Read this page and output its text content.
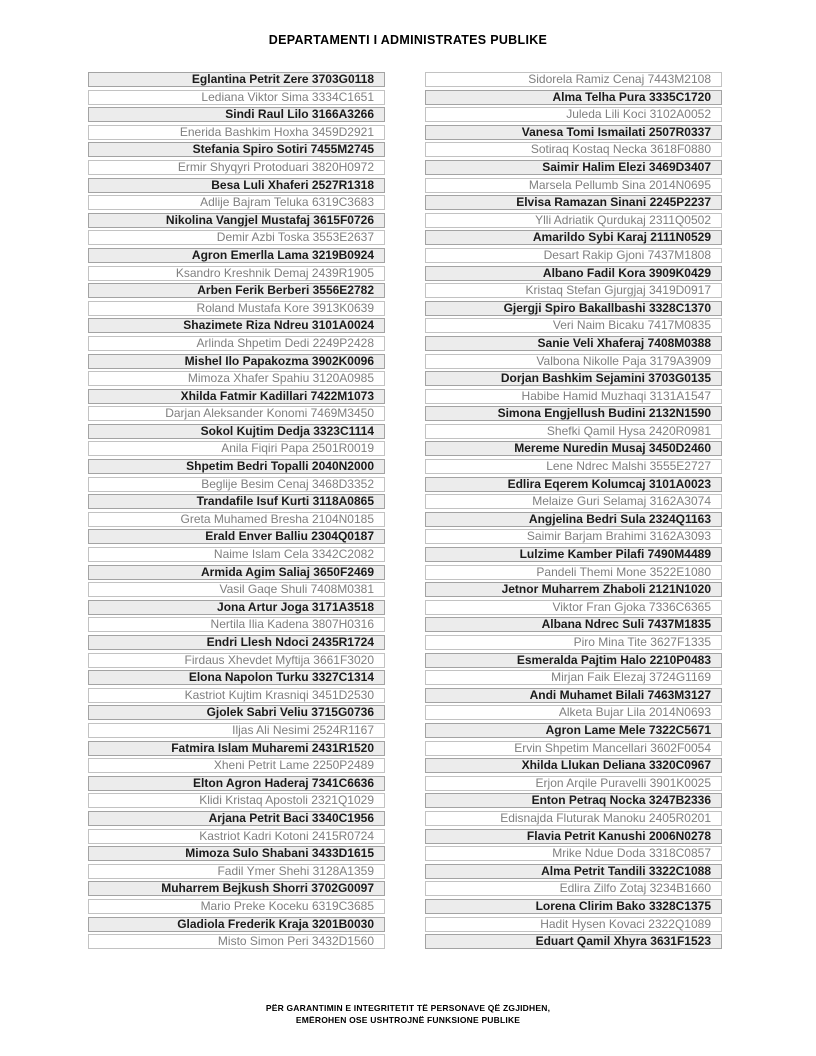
DEPARTAMENTI I ADMINISTRATES PUBLIKE
Eglantina Petrit Zere 3703G0118
Lediana Viktor Sima 3334C1651
Sindi Raul Lilo 3166A3266
Enerida Bashkim Hoxha 3459D2921
Stefania Spiro Sotiri 7455M2745
Ermir Shyqyri Protoduari 3820H0972
Besa Luli Xhaferi 2527R1318
Adlije Bajram Teluka 6319C3683
Nikolina Vangjel Mustafaj 3615F0726
Demir Azbi Toska 3553E2637
Agron Emerlla Lama 3219B0924
Ksandro Kreshnik Demaj 2439R1905
Arben Ferik Berberi 3556E2782
Roland Mustafa Kore 3913K0639
Shazimete Riza Ndreu 3101A0024
Arlinda Shpetim Dedi 2249P2428
Mishel Ilo Papakozma 3902K0096
Mimoza Xhafer Spahiu 3120A0985
Xhilda Fatmir Kadillari 7422M1073
Darjan Aleksander Konomi 7469M3450
Sokol Kujtim Dedja 3323C1114
Anila Fiqiri Papa 2501R0019
Shpetim Bedri Topalli 2040N2000
Beglije Besim Cenaj 3468D3352
Trandafile Isuf Kurti 3118A0865
Greta Muhamed Bresha 2104N0185
Erald Enver Balliu 2304Q0187
Naime Islam Cela 3342C2082
Armida Agim Saliaj 3650F2469
Vasil Gaqe Shuli 7408M0381
Jona Artur Joga 3171A3518
Nertila Ilia Kadena 3807H0316
Endri Llesh Ndoci 2435R1724
Firdaus Xhevdet Myftija 3661F3020
Elona Napolon Turku 3327C1314
Kastriot Kujtim Krasniqi 3451D2530
Gjolek Sabri Veliu 3715G0736
Iljas Ali Nesimi 2524R1167
Fatmira Islam Muharemi 2431R1520
Xheni Petrit Lame 2250P2489
Elton Agron Haderaj 7341C6636
Klidi Kristaq Apostoli 2321Q1029
Arjana Petrit Baci 3340C1956
Kastriot Kadri Kotoni 2415R0724
Mimoza Sulo Shabani 3433D1615
Fadil Ymer Shehi 3128A1359
Muharrem Bejkush Shorri 3702G0097
Mario Preke Koceku 6319C3685
Gladiola Frederik Kraja 3201B0030
Misto Simon Peri 3432D1560
Sidorela Ramiz Cenaj 7443M2108
Alma Telha Pura 3335C1720
Juleda Lili Koci 3102A0052
Vanesa Tomi Ismailati 2507R0337
Sotiraq Kostaq Necka 3618F0880
Saimir Halim Elezi 3469D3407
Marsela Pellumb Sina 2014N0695
Elvisa Ramazan Sinani 2245P2237
Ylli Adriatik Qurdukaj 2311Q0502
Amarildo Sybi Karaj 2111N0529
Desart Rakip Gjoni 7437M1808
Albano Fadil Kora 3909K0429
Kristaq Stefan Gjurgjaj 3419D0917
Gjergji Spiro Bakallbashi 3328C1370
Veri Naim Bicaku 7417M0835
Sanie Veli Xhaferaj 7408M0388
Valbona Nikolle Paja 3179A3909
Dorjan Bashkim Sejamini 3703G0135
Habibe Hamid Muzhaqi 3131A1547
Simona Engjellush Budini 2132N1590
Shefki Qamil Hysa 2420R0981
Mereme Nuredin Musaj 3450D2460
Lene Ndrec Malshi 3555E2727
Edlira Eqerem Kolumcaj 3101A0023
Melaize Guri Selamaj 3162A3074
Angjelina Bedri Sula 2324Q1163
Saimir Barjam Brahimi 3162A3093
Lulzime Kamber Pilafi 7490M4489
Pandeli Themi Mone 3522E1080
Jetnor Muharrem Zhaboli 2121N1020
Viktor Fran Gjoka 7336C6365
Albana Ndrec Suli 7437M1835
Piro Mina Tite 3627F1335
Esmeralda Pajtim Halo 2210P0483
Mirjan Faik Elezaj 3724G1169
Andi Muhamet Bilali 7463M3127
Alketa Bujar Lila 2014N0693
Agron Lame Mele 7322C5671
Ervin Shpetim Mancellari 3602F0054
Xhilda Llukan Deliana 3320C0967
Erjon Arqile Puravelli 3901K0025
Enton Petraq Nocka 3247B2336
Edisnajda Fluturak Manoku 2405R0201
Flavia Petrit Kanushi 2006N0278
Mrike Ndue Doda 3318C0857
Alma Petrit Tandili 3322C1088
Edlira Zilfo Zotaj 3234B1660
Lorena Clirim Bako 3328C1375
Hadit Hysen Kovaci 2322Q1089
Eduart Qamil Xhyra 3631F1523
PËR GARANTIMIN E INTEGRITETIT TË PERSONAVE QË ZGJIDHEN,
EMËROHEN OSE USHTROJNË FUNKSIONE PUBLIKE
